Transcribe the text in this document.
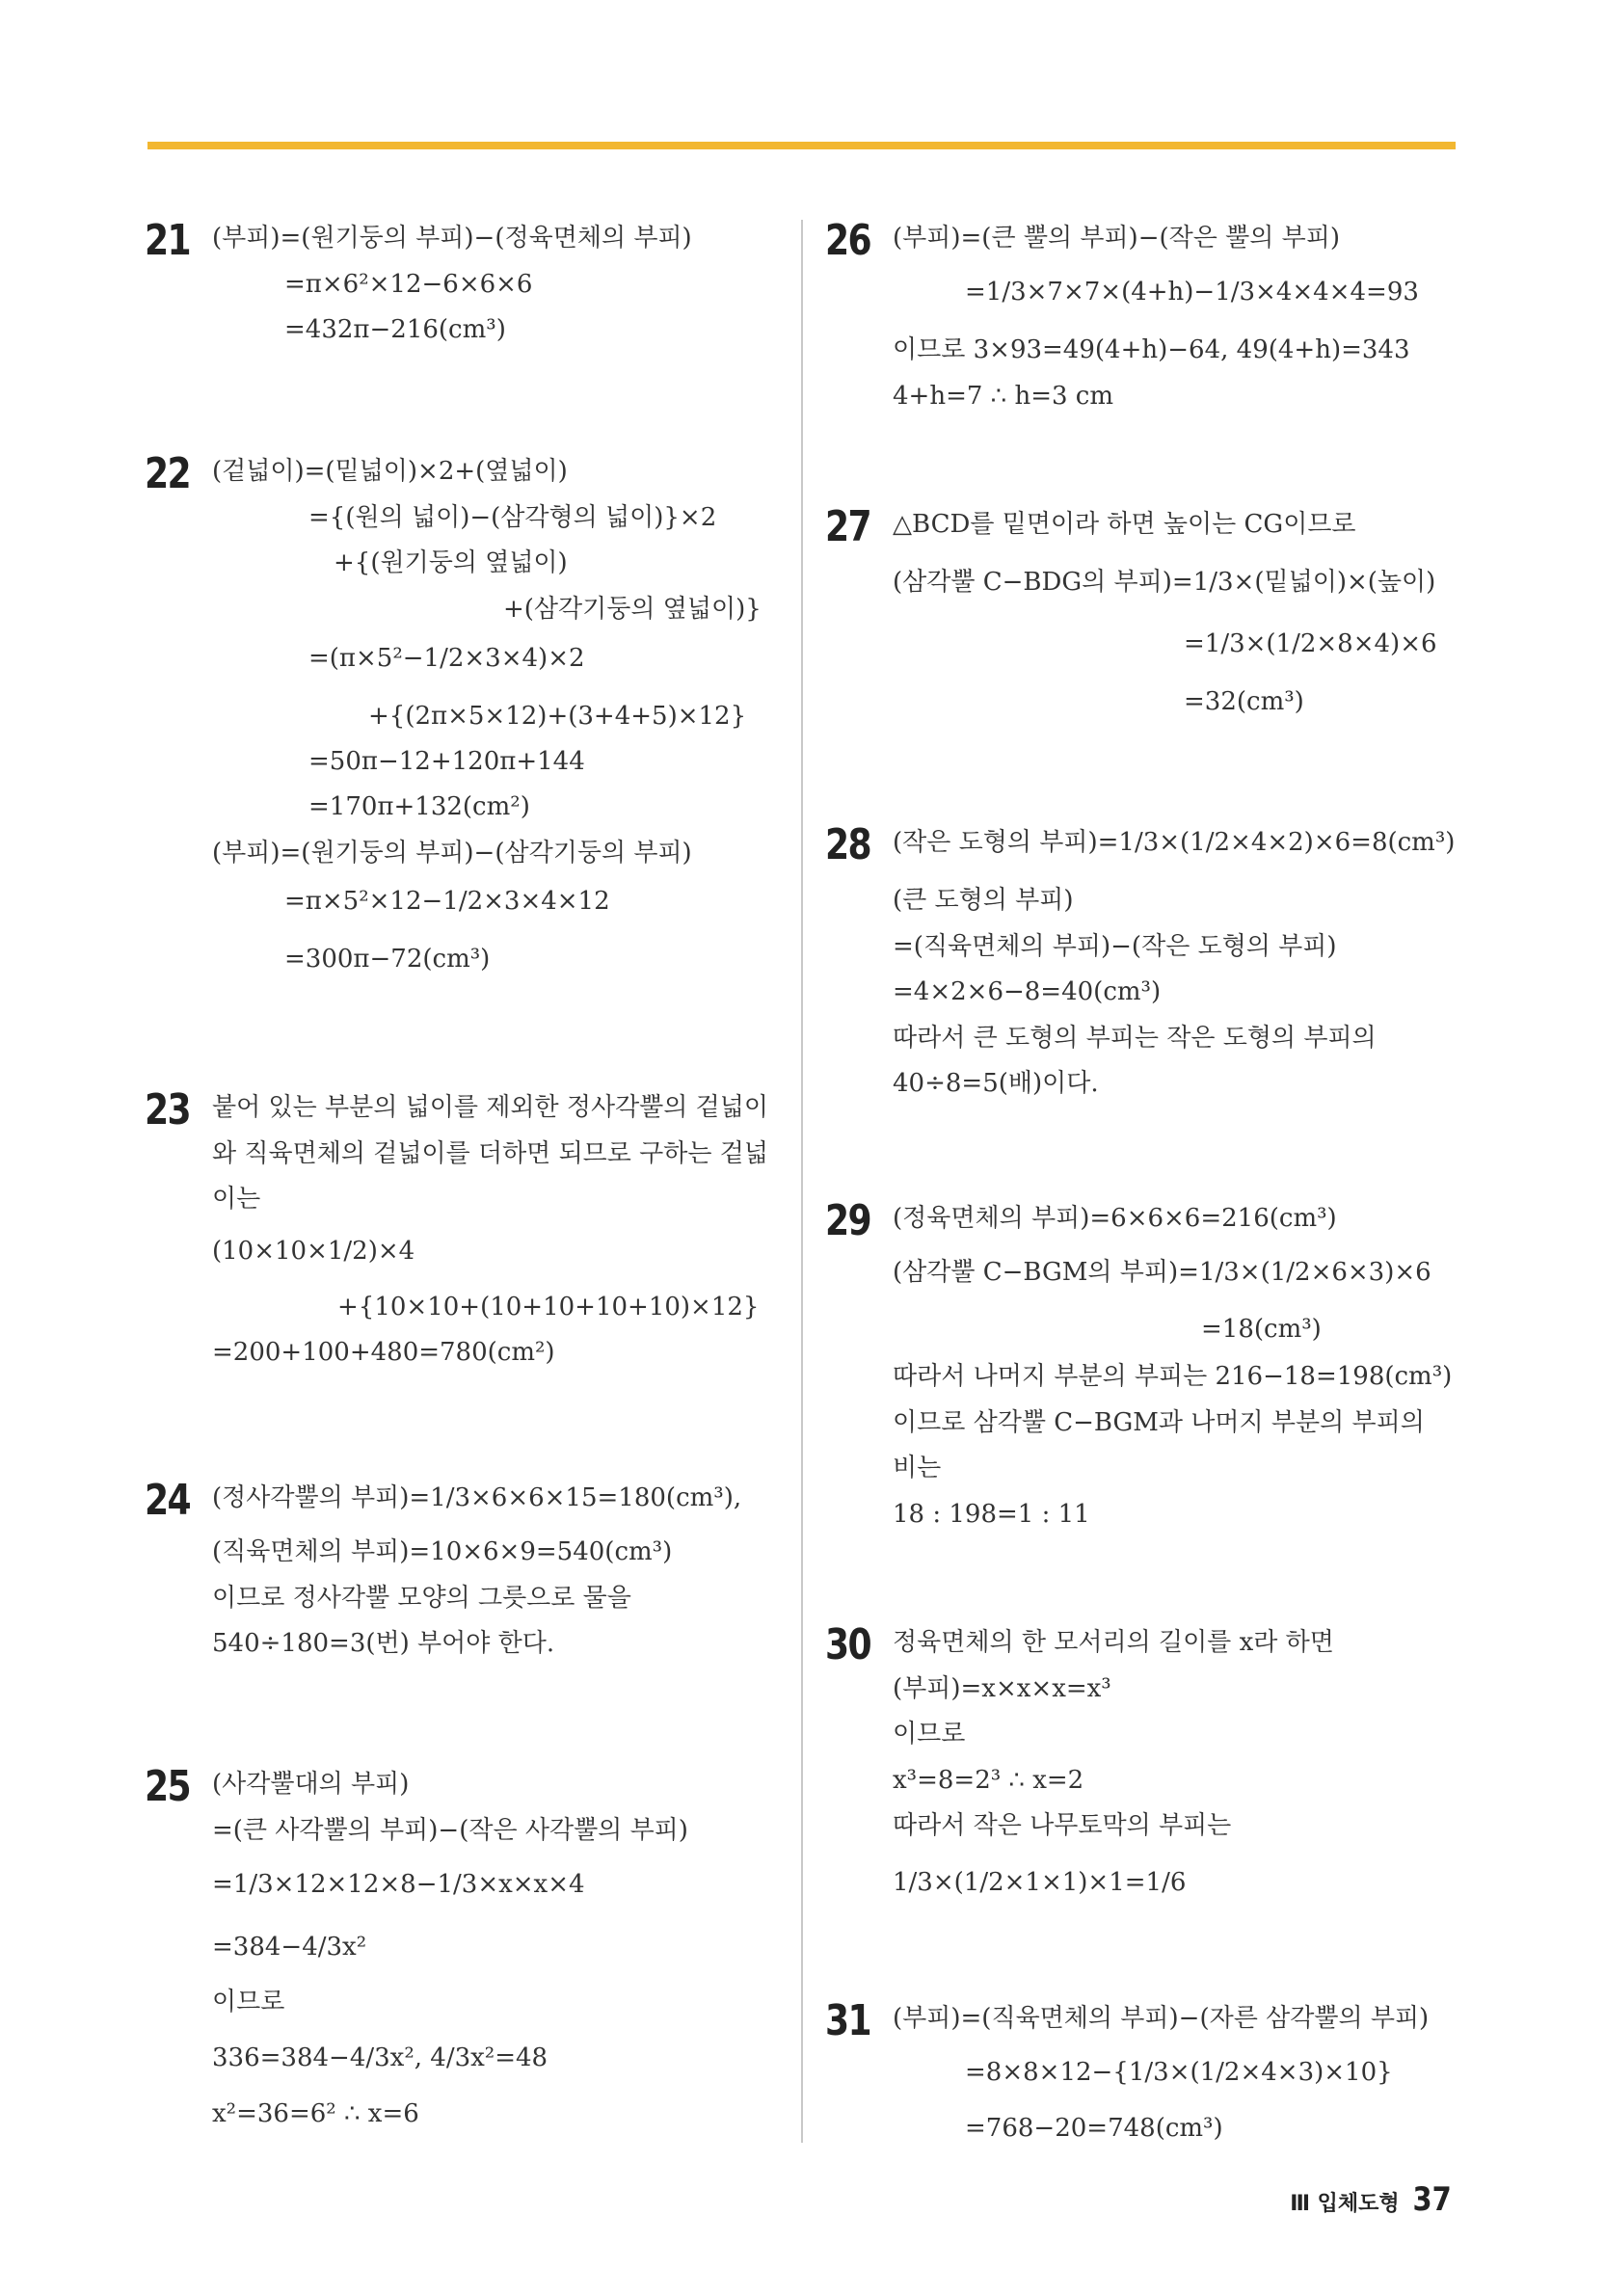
21 (부피)=(원기둥의 부피)−(정육면체의 부피)
=π×6²×12−6×6×6
=432π−216(cm³)
22 (겉넓이)=(밑넓이)×2+(옆넓이)
={(원의 넓이)−(삼각형의 넓이)}×2
+{(원기둥의 옆넓이)
+(삼각기둥의 옆넓이)}
=(π×5²−1/2×3×4)×2
+{(2π×5×12)+(3+4+5)×12}
=50π−12+120π+144
=170π+132(cm²)
(부피)=(원기둥의 부피)−(삼각기둥의 부피)
=π×5²×12−1/2×3×4×12
=300π−72(cm³)
23 붙어 있는 부분의 넓이를 제외한 정사각뿔의 겉넓이
와 직육면체의 겉넓이를 더하면 되므로 구하는 겉넓
이는
(10×10×1/2)×4
+{10×10+(10+10+10+10)×12}
=200+100+480=780(cm²)
24 (정사각뿔의 부피)=1/3×6×6×15=180(cm³),
(직육면체의 부피)=10×6×9=540(cm³)
이므로 정사각뿔 모양의 그릇으로 물을
540÷180=3(번) 부어야 한다.
25 (사각뿔대의 부피)
=(큰 사각뿔의 부피)−(작은 사각뿔의 부피)
=1/3×12×12×8−1/3×x×x×4
=384−4/3x²
이므로
336=384−4/3x², 4/3x²=48
x²=36=6² ∴ x=6
26 (부피)=(큰 뿔의 부피)−(작은 뿔의 부피)
=1/3×7×7×(4+h)−1/3×4×4×4=93
이므로 3×93=49(4+h)−64, 49(4+h)=343
4+h=7 ∴ h=3 cm
27 △BCD를 밑면이라 하면 높이는 CG이므로
(삼각뿔 C−BDG의 부피)=1/3×(밑넓이)×(높이)
=1/3×(1/2×8×4)×6
=32(cm³)
28 (작은 도형의 부피)=1/3×(1/2×4×2)×6=8(cm³)
(큰 도형의 부피)
=(직육면체의 부피)−(작은 도형의 부피)
=4×2×6−8=40(cm³)
따라서 큰 도형의 부피는 작은 도형의 부피의
40÷8=5(배)이다.
29 (정육면체의 부피)=6×6×6=216(cm³)
(삼각뿔 C−BGM의 부피)=1/3×(1/2×6×3)×6
=18(cm³)
따라서 나머지 부분의 부피는 216−18=198(cm³)
이므로 삼각뿔 C−BGM과 나머지 부분의 부피의
비는
18 : 198=1 : 11
30 정육면체의 한 모서리의 길이를 x라 하면
(부피)=x×x×x=x³
이므로
x³=8=2³ ∴ x=2
따라서 작은 나무토막의 부피는
1/3×(1/2×1×1)×1=1/6
31 (부피)=(직육면체의 부피)−(자른 삼각뿔의 부피)
=8×8×12−{1/3×(1/2×4×3)×10}
=768−20=748(cm³)
Ⅲ 입체도형 37
